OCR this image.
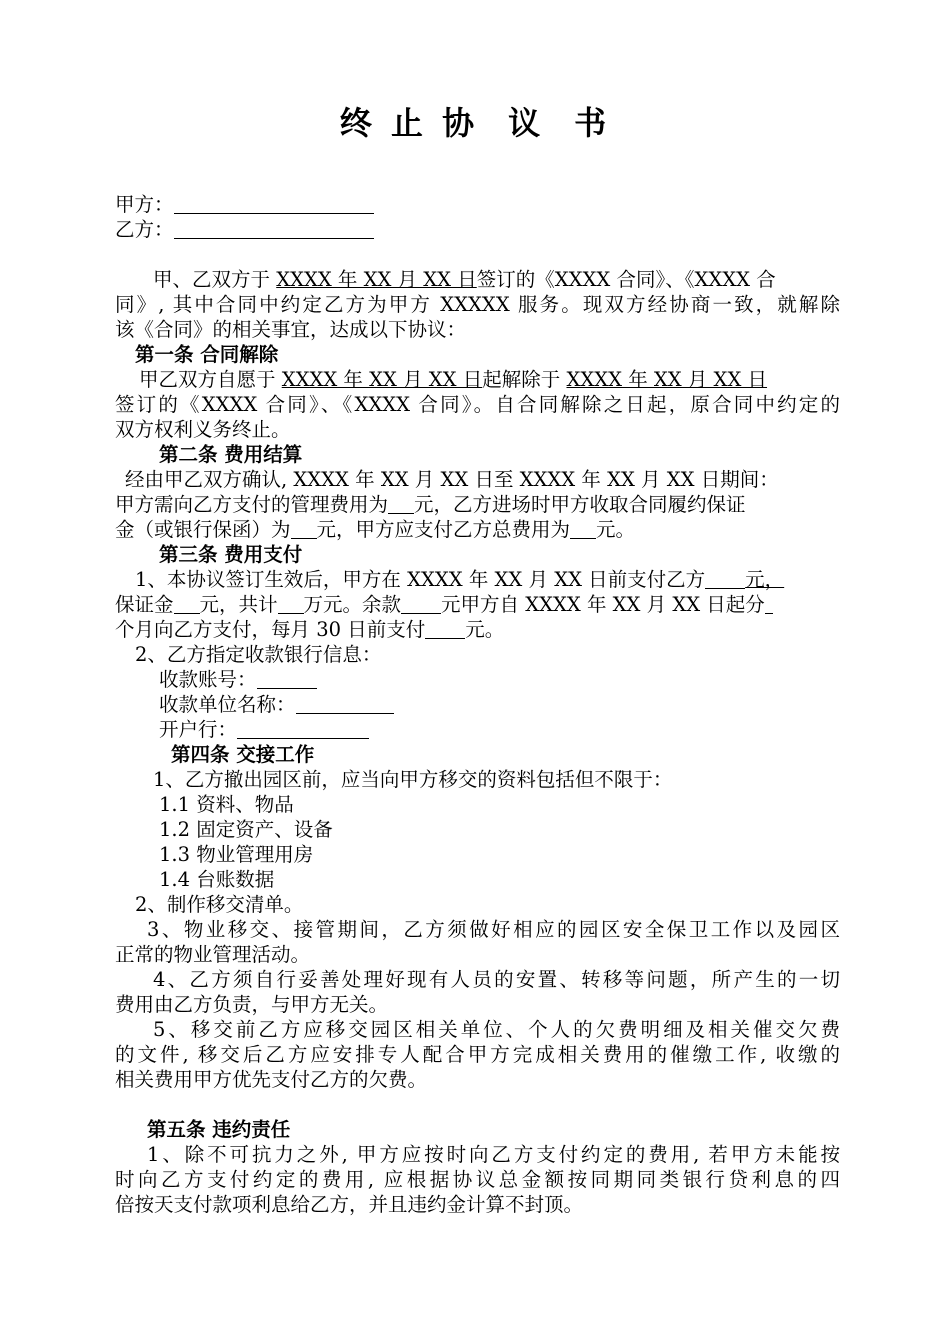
终 止 协 议 书
甲方：
乙方：
甲、乙双方于 XXXX 年 XX 月 XX 日签订的《XXXX 合同》、《XXXX 合
同》, 其中合同中约定乙方为甲方 XXXXX 服务。现双方经协商一致，就解除
该《合同》的相关事宜，达成以下协议：
第一条 合同解除
甲乙双方自愿于 XXXX 年 XX 月 XX 日起解除于 XXXX 年 XX 月 XX 日
签订的《XXXX 合同》、《XXXX 合同》。自合同解除之日起，原合同中约定的
双方权利义务终止。
第二条 费用结算
经由甲乙双方确认, XXXX 年 XX 月 XX 日至 XXXX 年 XX 月 XX 日期间：
甲方需向乙方支付的管理费用为 元，乙方进场时甲方收取合同履约保证
金（或银行保函）为 元，甲方应支付乙方总费用为 元。
第三条 费用支付
1、本协议签订生效后，甲方在 XXXX 年 XX 月 XX 日前支付乙方 元，
保证金 元，共计 万元。余款 元甲方自 XXXX 年 XX 月 XX 日起分
个月向乙方支付，每月 30 日前支付 元。
2、乙方指定收款银行信息：
收款账号：
收款单位名称：
开户行：
第四条 交接工作
1、乙方撤出园区前，应当向甲方移交的资料包括但不限于：
1.1 资料、物品
1.2 固定资产、设备
1.3 物业管理用房
1.4 台账数据
2、制作移交清单。
3、物业移交、接管期间，乙方须做好相应的园区安全保卫工作以及园区
正常的物业管理活动。
4、乙方须自行妥善处理好现有人员的安置、转移等问题，所产生的一切
费用由乙方负责，与甲方无关。
5、移交前乙方应移交园区相关单位、个人的欠费明细及相关催交欠费
的文件, 移交后乙方应安排专人配合甲方完成相关费用的催缴工作, 收缴的
相关费用甲方优先支付乙方的欠费。
第五条 违约责任
1、除不可抗力之外, 甲方应按时向乙方支付约定的费用, 若甲方未能按
时向乙方支付约定的费用, 应根据协议总金额按同期同类银行贷利息的四
倍按天支付款项利息给乙方，并且违约金计算不封顶。
